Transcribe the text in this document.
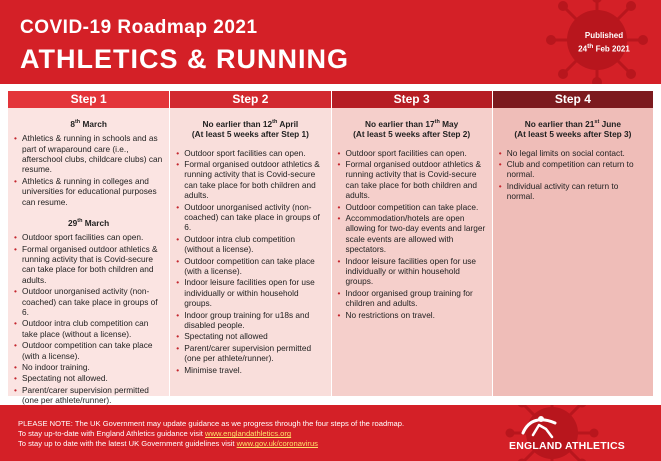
COVID-19 Roadmap 2021
ATHLETICS & RUNNING
Published
24th Feb 2021
Step 1
8th March
• Athletics & running in schools and as part of wraparound care (i.e., afterschool clubs, childcare clubs) can resume.
• Athletics & running in colleges and universities for educational purposes can resume.
29th March
• Outdoor sport facilities can open.
• Formal organised outdoor athletics & running activity that is Covid-secure can take place for both children and adults.
• Outdoor unorganised activity (non-coached) can take place in groups of 6.
• Outdoor intra club competition can take place (without a license).
• Outdoor competition can take place (with a license).
• No indoor training.
• Spectating not allowed.
• Parent/carer supervision permitted (one per athlete/runner).
•
Step 2
No earlier than 12th April
(At least 5 weeks after Step 1)
• Outdoor sport facilities can open.
• Formal organised outdoor athletics & running activity that is Covid-secure can take place for both children and adults.
• Outdoor unorganised activity (non-coached) can take place in groups of 6.
• Outdoor intra club competition (without a license).
• Outdoor competition can take place (with a license).
• Indoor leisure facilities open for use individually or within household groups.
• Indoor group training for u18s and disabled people.
• Spectating not allowed
• Parent/carer supervision permitted (one per athlete/runner).
• Minimise travel.
Step 3
No earlier than 17th May
(At least 5 weeks after Step 2)
• Outdoor sport facilities can open.
• Formal organised outdoor athletics & running activity that is Covid-secure can take place for both children and adults.
• Outdoor competition can take place.
• Accommodation/hotels are open allowing for two-day events and larger scale events are allowed with spectators.
• Indoor leisure facilities open for use individually or within household groups.
• Indoor organised group training for children and adults.
• No restrictions on travel.
Step 4
No earlier than 21st June
(At least 5 weeks after Step 3)
• No legal limits on social contact.
• Club and competition can return to normal.
• Individual activity can return to normal.
PLEASE NOTE: The UK Government may update guidance as we progress through the four steps of the roadmap.
To stay up-to-date with England Athletics guidance visit www.englandathletics.org
To stay up to date with the latest UK Government guidelines visit www.gov.uk/coronavirus	ENGLAND ATHLETICS
